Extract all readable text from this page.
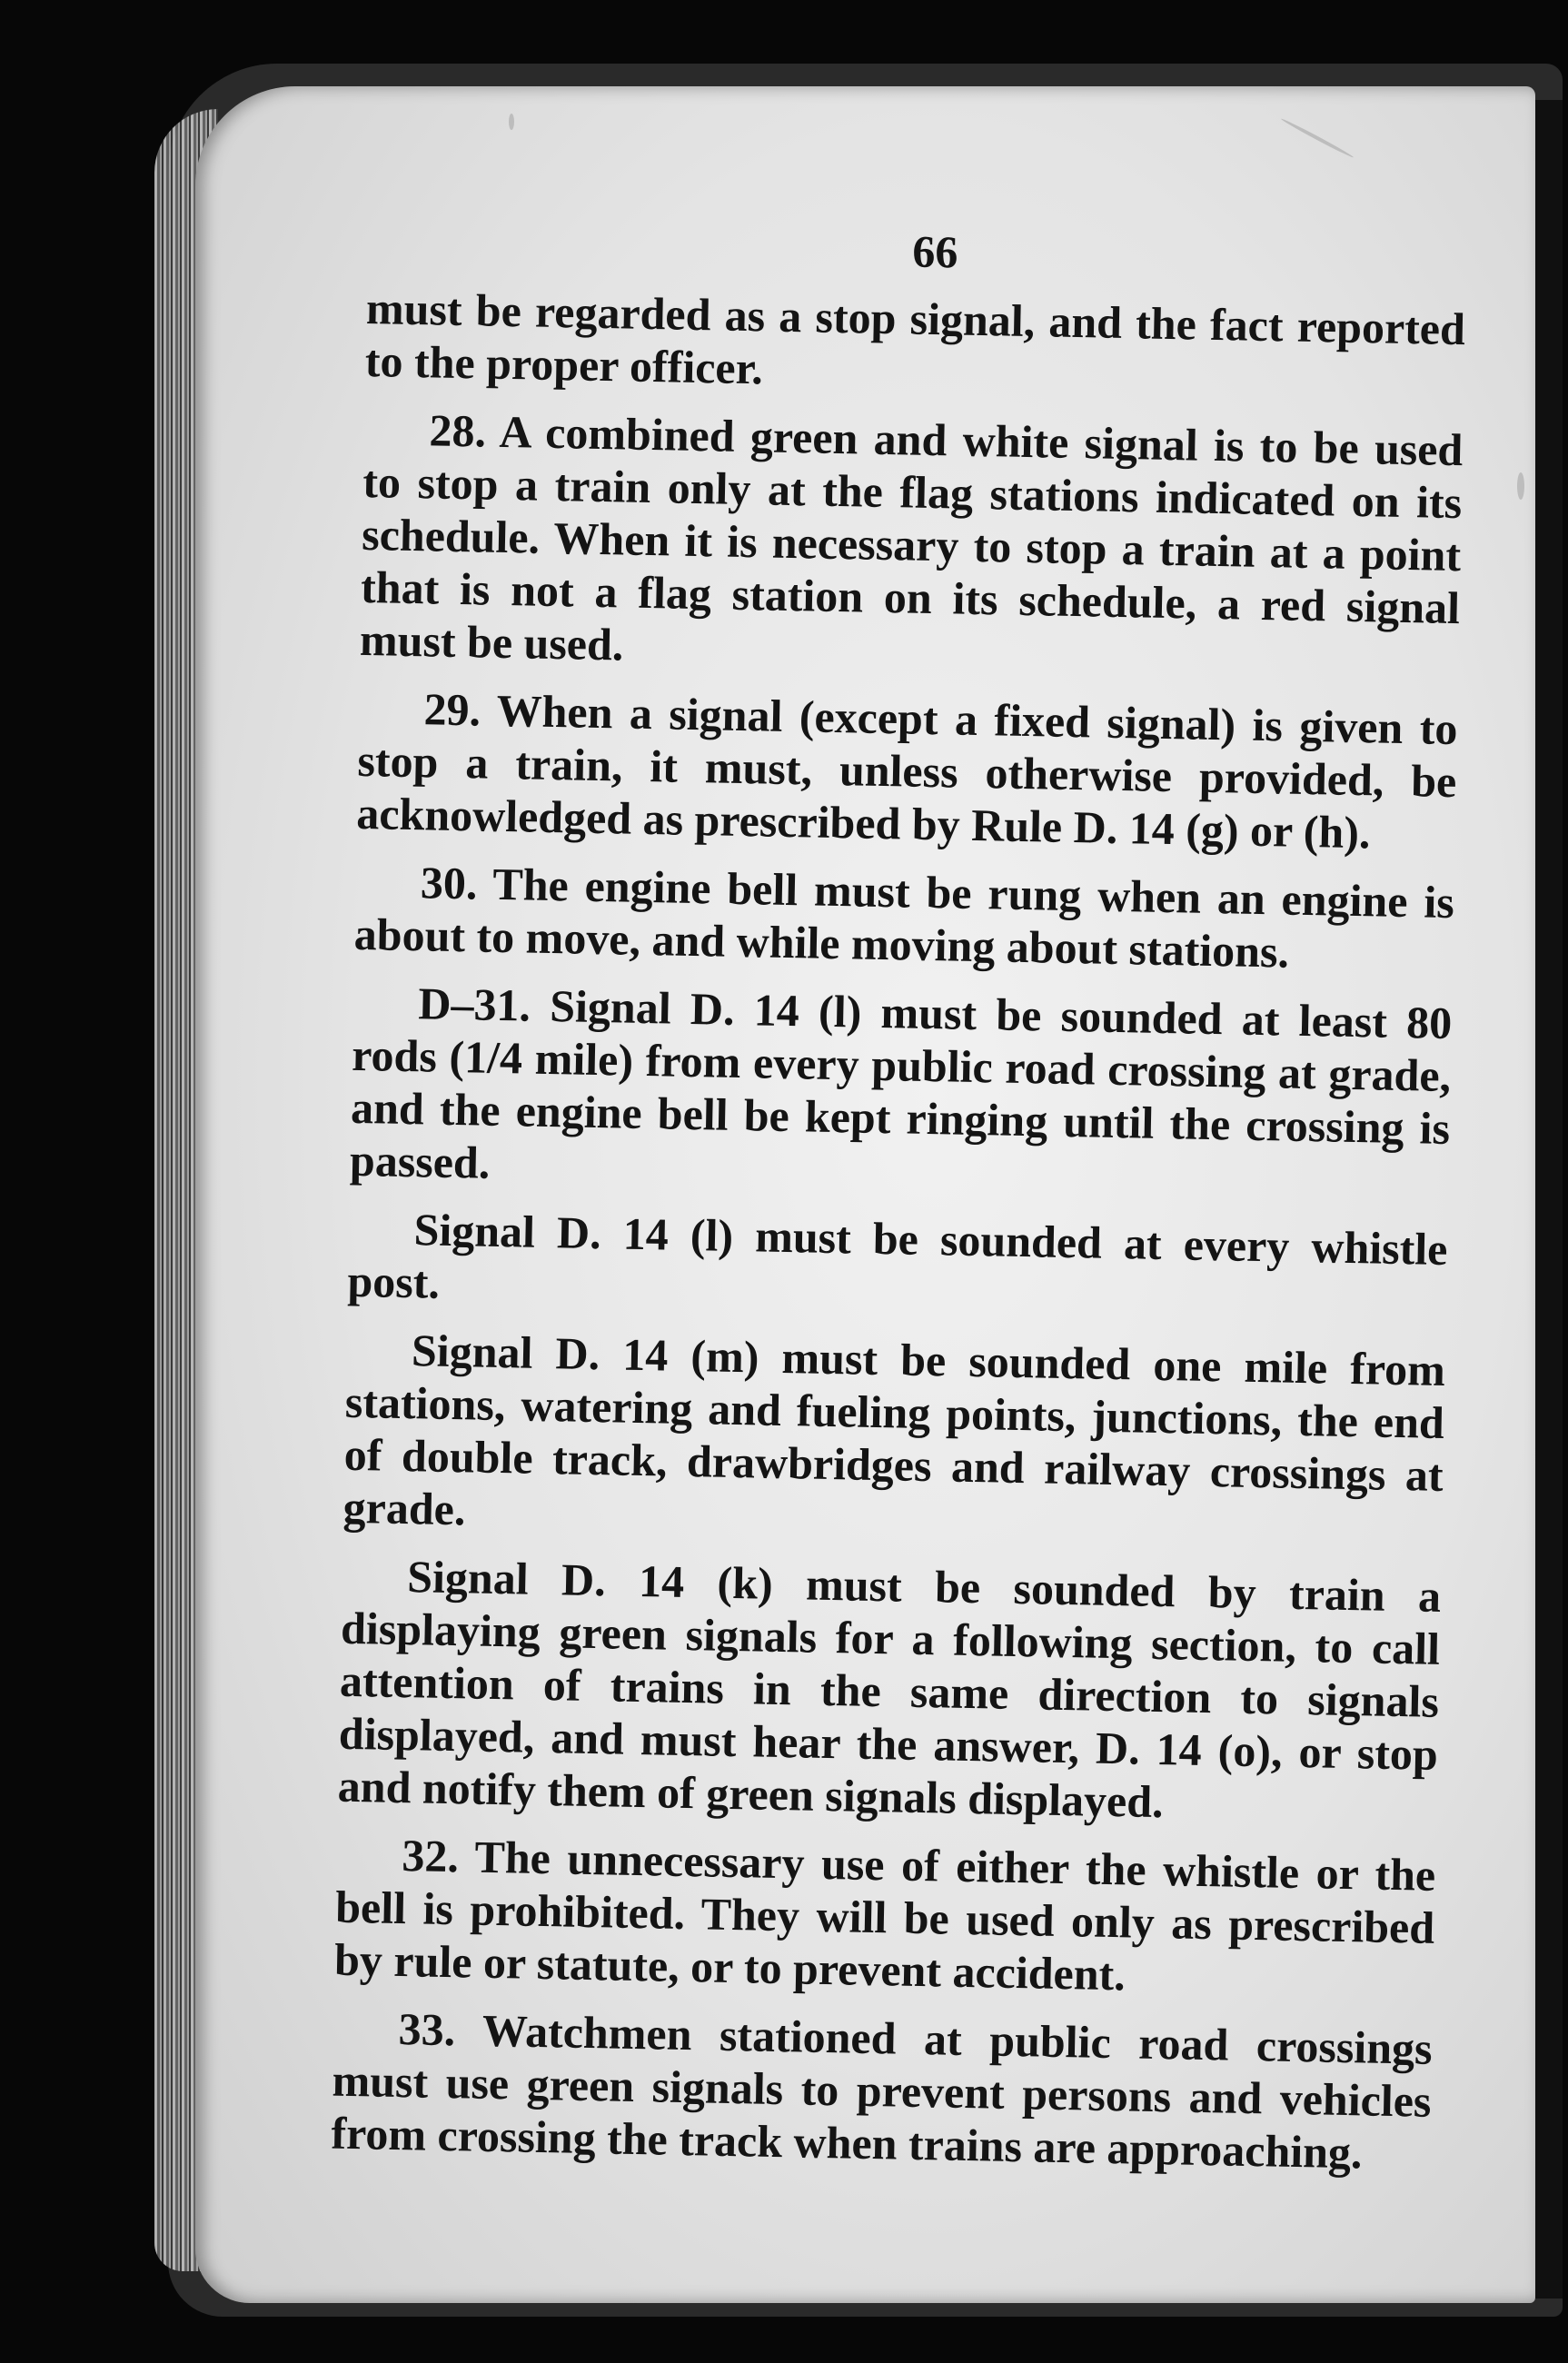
66

must be regarded as a stop signal, and the fact reported to the proper officer.

28. A combined green and white signal is to be used to stop a train only at the flag stations indicated on its schedule. When it is necessary to stop a train at a point that is not a flag station on its schedule, a red signal must be used.

29. When a signal (except a fixed signal) is given to stop a train, it must, unless otherwise provided, be acknowledged as prescribed by Rule D. 14 (g) or (h).

30. The engine bell must be rung when an engine is about to move, and while moving about stations.

D–31. Signal D. 14 (l) must be sounded at least 80 rods (1/4 mile) from every public road crossing at grade, and the engine bell be kept ringing until the crossing is passed.

Signal D. 14 (l) must be sounded at every whistle post.

Signal D. 14 (m) must be sounded one mile from stations, watering and fueling points, junctions, the end of double track, drawbridges and railway crossings at grade.

Signal D. 14 (k) must be sounded by train a displaying green signals for a following section, to call attention of trains in the same direction to signals displayed, and must hear the answer, D. 14 (o), or stop and notify them of green signals displayed.

32. The unnecessary use of either the whistle or the bell is prohibited. They will be used only as prescribed by rule or statute, or to prevent accident.

33. Watchmen stationed at public road crossings must use green signals to prevent persons and vehicles from crossing the track when trains are approaching.
